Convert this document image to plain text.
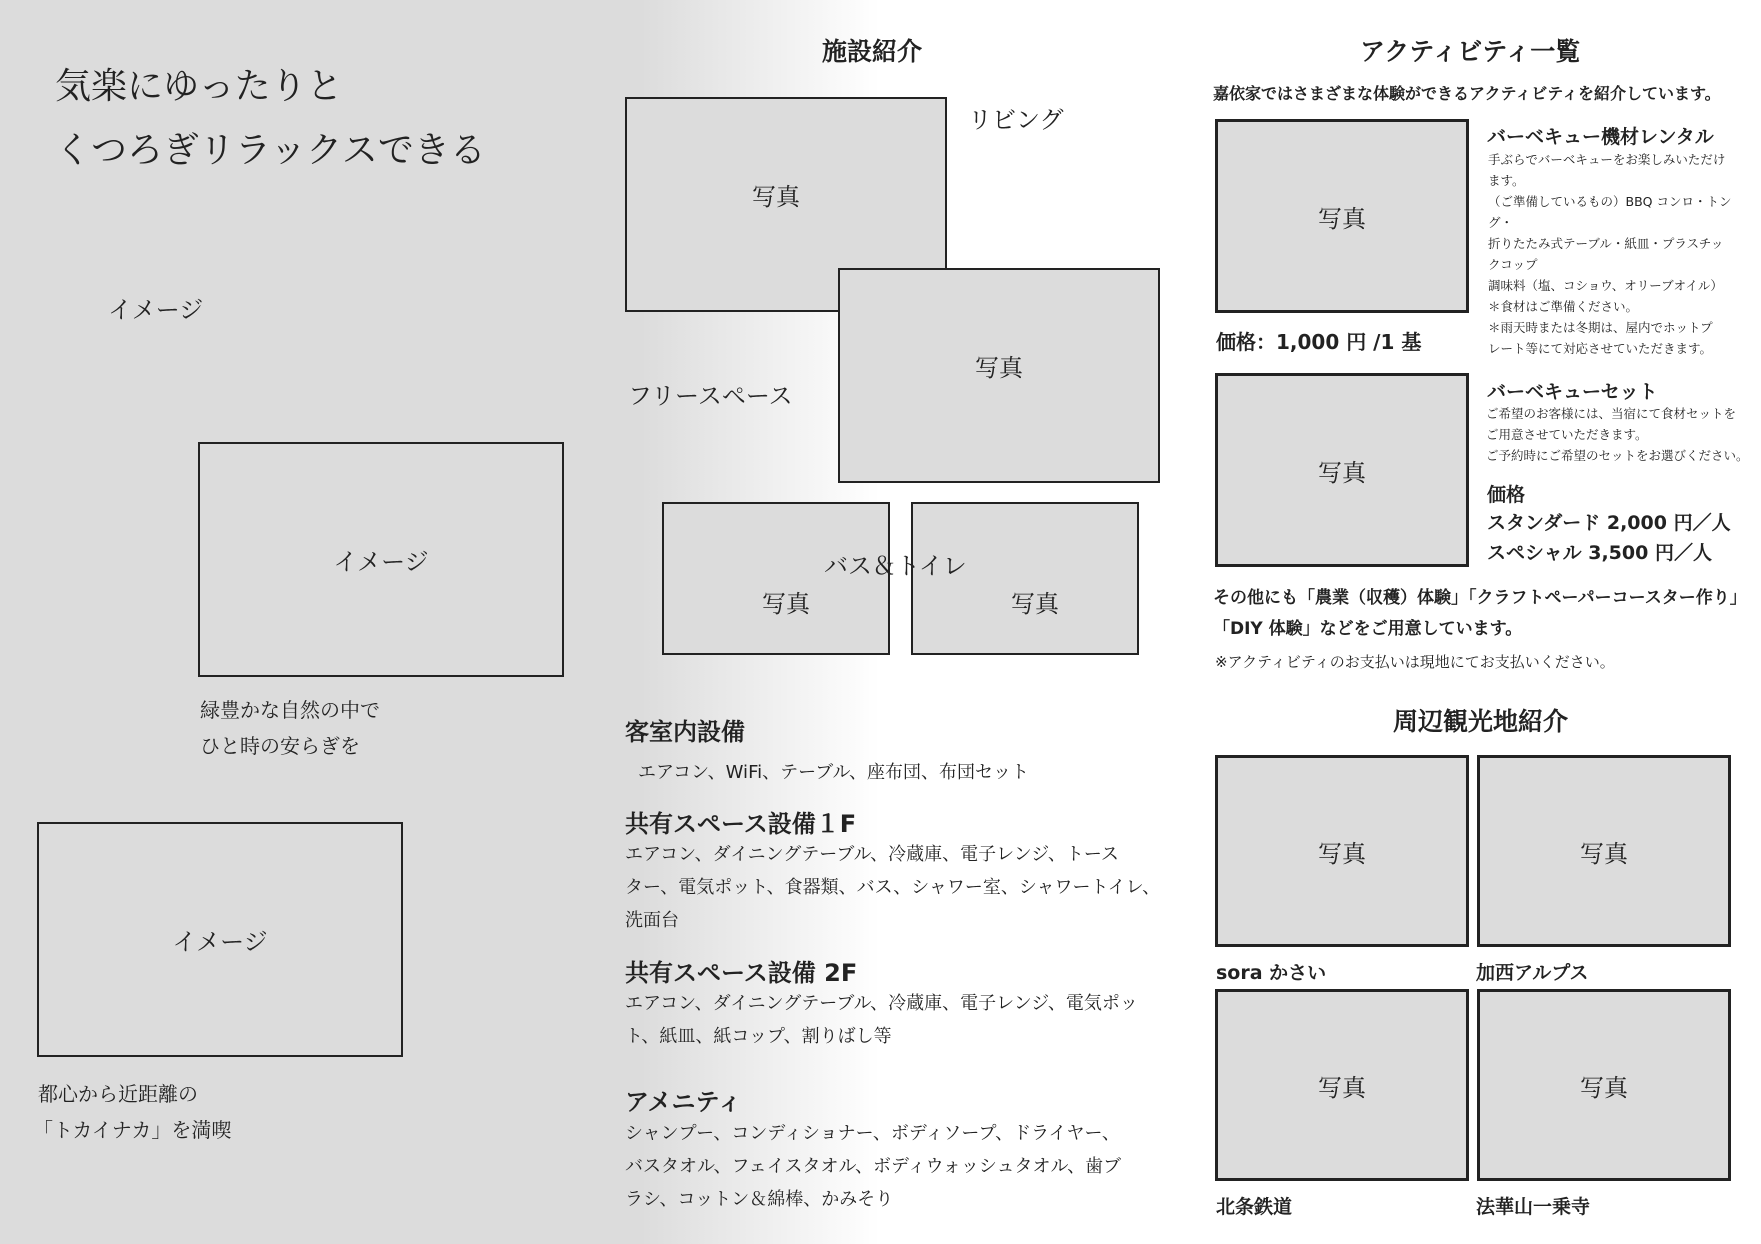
気楽にゆったりと
くつろぎリラックスできる
イメージ
イメージ
緑豊かな自然の中で
ひと時の安らぎを
イメージ
都心から近距離の
「トカイナカ」を満喫
施設紹介
リビング
写真
写真
フリースペース
写真	写真
バス＆トイレ
客室内設備
エアコン、WiFi、テーブル、座布団、布団セット
共有スペース設備１F
エアコン、ダイニングテーブル、冷蔵庫、電子レンジ、トース
ター、電気ポット、食器類、バス、シャワー室、シャワートイレ、
洗面台
共有スペース設備 2F
エアコン、ダイニングテーブル、冷蔵庫、電子レンジ、電気ポッ
ト、紙皿、紙コップ、割りばし等
アメニティ
シャンプー、コンディショナー、ボディソープ、ドライヤー、
バスタオル、フェイスタオル、ボディウォッシュタオル、歯ブ
ラシ、コットン＆綿棒、かみそり
アクティビティ一覧
嘉依家ではさまざまな体験ができるアクティビティを紹介しています。
写真
バーベキュー機材レンタル
手ぶらでバーベキューをお楽しみいただけ
ます。
（ご準備しているもの）BBQ コンロ・トング・
折りたたみ式テーブル・紙皿・プラスチッ
クコップ
調味料（塩、コショウ、オリーブオイル）
＊食材はご準備ください。
＊雨天時または冬期は、屋内でホットプ
レート等にて対応させていただきます。
価格：1,000 円 /1 基
写真
バーベキューセット
ご希望のお客様には、当宿にて食材セットを
ご用意させていただきます。
ご予約時にご希望のセットをお選びください。
価格
スタンダード 2,000 円／人
スペシャル 3,500 円／人
その他にも「農業（収穫）体験」「クラフトペーパーコースター作り」
「DIY 体験」などをご用意しています。
※アクティビティのお支払いは現地にてお支払いください。
周辺観光地紹介
写真	写真
sora かさい	加西アルプス
写真	写真
北条鉄道	法華山一乗寺
